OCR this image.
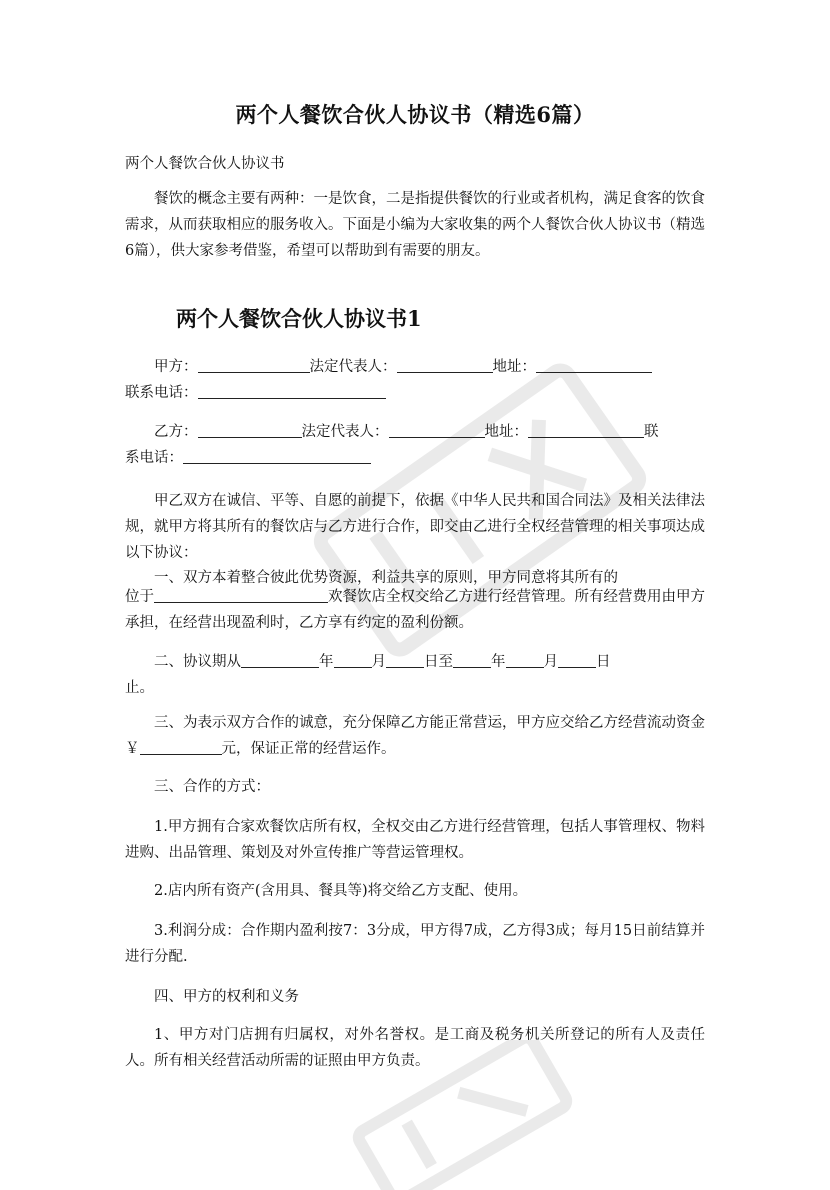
两个人餐饮合伙人协议书（精选6篇）
两个人餐饮合伙人协议书
餐饮的概念主要有两种：一是饮食，二是指提供餐饮的行业或者机构，满足食客的饮食需求，从而获取相应的服务收入。下面是小编为大家收集的两个人餐饮合伙人协议书（精选6篇），供大家参考借鉴，希望可以帮助到有需要的朋友。
两个人餐饮合伙人协议书1
甲方：	法定代表人：	地址：
联系电话：
乙方：	法定代表人：	地址：	联
系电话：
甲乙双方在诚信、平等、自愿的前提下，依据《中华人民共和国合同法》及相关法律法规，就甲方将其所有的餐饮店与乙方进行合作，即交由乙进行全权经营管理的相关事项达成以下协议：
一、双方本着整合彼此优势资源，利益共享的原则，甲方同意将其所有的
位于	欢餐饮店全权交给乙方进行经营管理。所有经营费用由甲方承担，在经营出现盈利时，乙方享有约定的盈利份额。
二、协议期从	年	月	日至	年	月	日
止。
三、为表示双方合作的诚意，充分保障乙方能正常营运，甲方应交给乙方经营流动资金￥	元，保证正常的经营运作。
三、合作的方式：
1.甲方拥有合家欢餐饮店所有权，全权交由乙方进行经营管理，包括人事管理权、物料进购、出品管理、策划及对外宣传推广等营运管理权。
2.店内所有资产(含用具、餐具等)将交给乙方支配、使用。
3.利润分成：合作期内盈利按7：3分成，甲方得7成，乙方得3成；每月15日前结算并进行分配.
四、甲方的权利和义务
1、甲方对门店拥有归属权，对外名誉权。是工商及税务机关所登记的所有人及责任人。所有相关经营活动所需的证照由甲方负责。
